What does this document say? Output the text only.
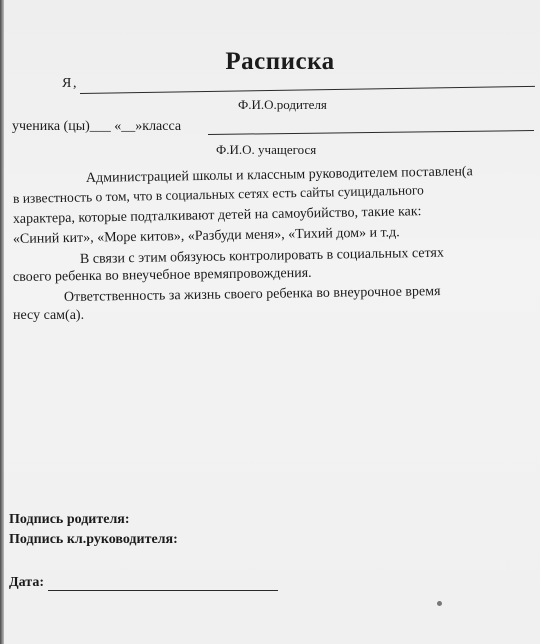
Расписка
Я ,
Ф.И.О.родителя
ученика (цы)___ «__»класса
Ф.И.О. учащегося
Администрацией школы и классным руководителем поставлен(а
в известность о том, что в социальных сетях есть сайты суицидального
характера, которые подталкивают детей на самоубийство, такие как:
«Синий кит», «Море китов», «Разбуди меня», «Тихий дом» и т.д.
В связи с этим обязуюсь контролировать в социальных сетях
своего ребенка во внеучебное времяпровождения.
Ответственность за жизнь своего ребенка во внеурочное время
несу сам(а).
Подпись родителя:
Подпись кл.руководителя:
Дата:
